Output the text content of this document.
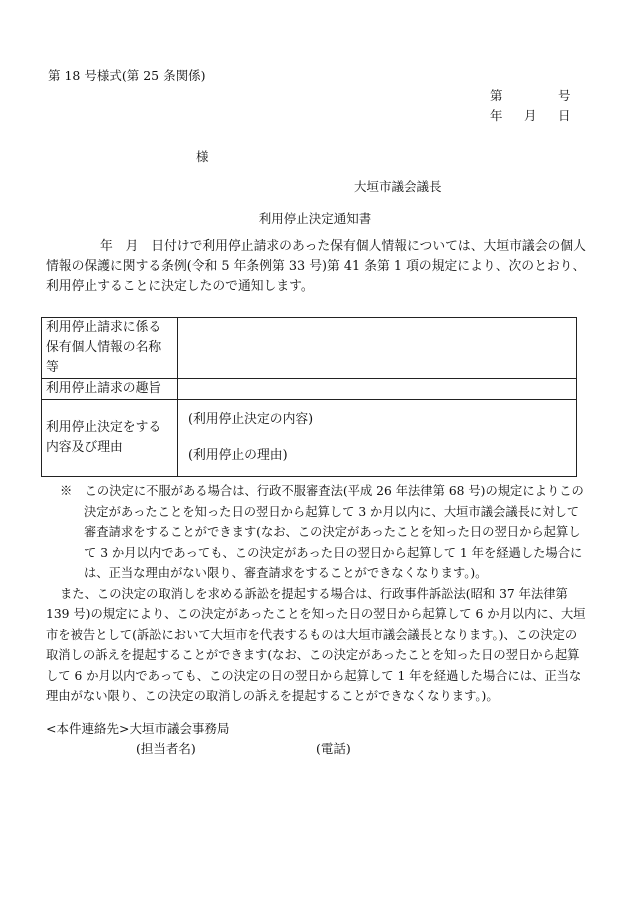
第 18 号様式(第 25 条関係)
第	号
年 月 日
様
大垣市議会議長
利用停止決定通知書

年　月　日付けで利用停止請求のあった保有個人情報については、大垣市議会の個人情報の保護に関する条例(令和 5 年条例第 33 号)第 41 条第 1 項の規定により、次のとおり、利用停止することに決定したので通知します。

利用停止請求に係る保有個人情報の名称等	
利用停止請求の趣旨	
利用停止決定をする内容及び理由	(利用停止決定の内容)
(利用停止の理由)

※　 この決定に不服がある場合は、行政不服審査法(平成 26 年法律第 68 号)の規定によりこの決定があったことを知った日の翌日から起算して 3 か月以内に、大垣市議会議長に対して審査請求をすることができます(なお、この決定があったことを知った日の翌日から起算して 3 か月以内であっても、この決定があった日の翌日から起算して 1 年を経過した場合には、正当な理由がない限り、審査請求をすることができなくなります。)。

また、この決定の取消しを求める訴訟を提起する場合は、行政事件訴訟法(昭和 37 年法律第 139 号)の規定により、この決定があったことを知った日の翌日から起算して 6 か月以内に、大垣市を被告として(訴訟において大垣市を代表するものは大垣市議会議長となります。)、この決定の取消しの訴えを提起することができます(なお、この決定があったことを知った日の翌日から起算して 6 か月以内であっても、この決定の日の翌日から起算して 1 年を経過した場合には、正当な理由がない限り、この決定の取消しの訴えを提起することができなくなります。)。

<本件連絡先>大垣市議会事務局
(担当者名)	(電話)
